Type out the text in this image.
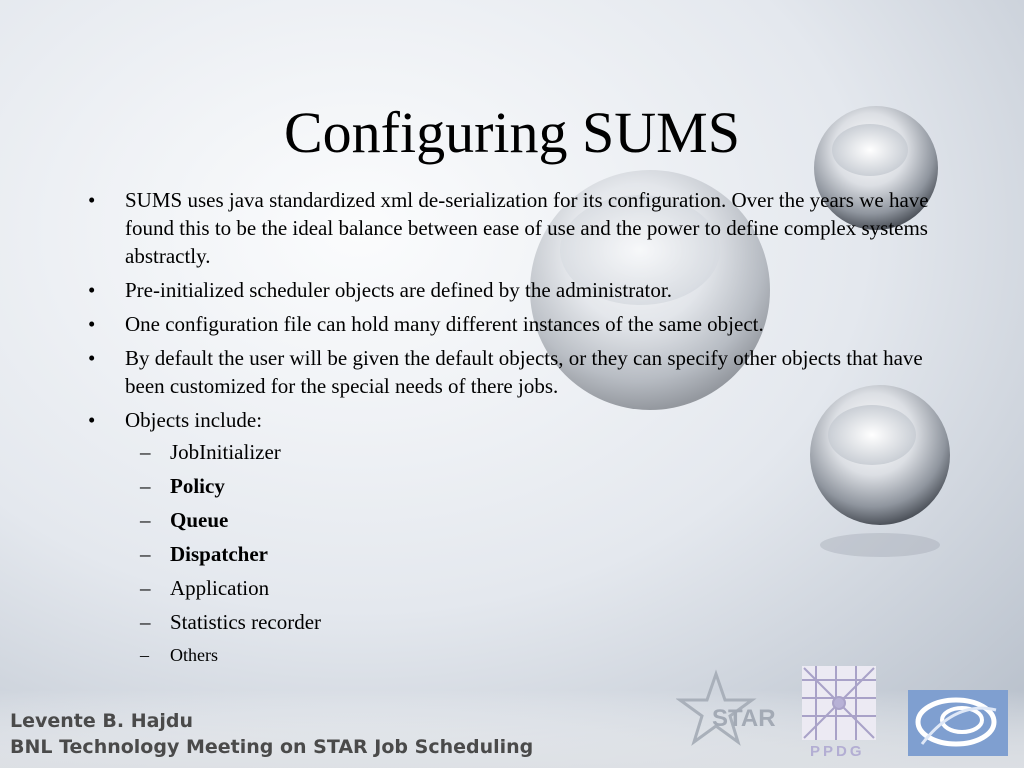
Configuring SUMS
• SUMS uses java standardized xml de-serialization for its configuration. Over the years we have found this to be the ideal balance between ease of use and the power to define complex systems abstractly.
• Pre-initialized scheduler objects are defined by the administrator.
• One configuration file can hold many different instances of the same object.
• By default the user will be given the default objects, or they can specify other objects that have been customized for the special needs of there jobs.
• Objects include:
– JobInitializer
– Policy
– Queue
– Dispatcher
– Application
– Statistics recorder
– Others
Levente B. Hajdu
BNL Technology Meeting on STAR Job Scheduling
STAR
PPDG
